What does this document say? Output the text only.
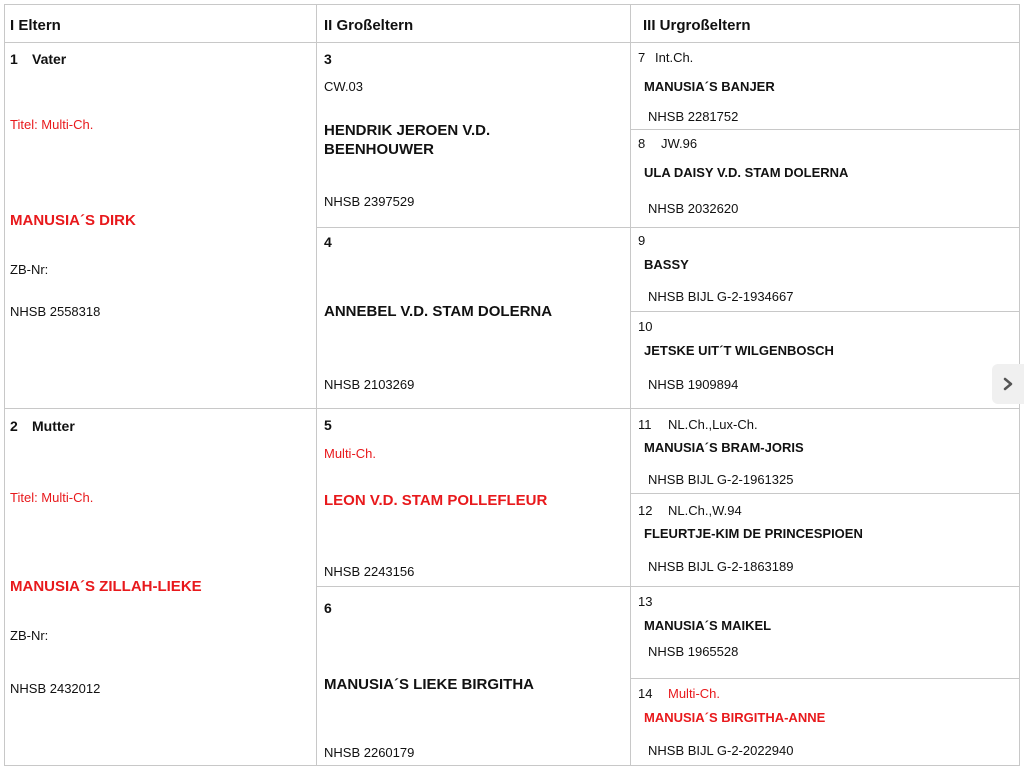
I Eltern	II Großeltern	III Urgroßeltern
1 Vater
Titel: Multi-Ch.
MANUSIA´S DIRK
ZB-Nr:
NHSB 2558318
2 Mutter
Titel: Multi-Ch.
MANUSIA´S ZILLAH-LIEKE
ZB-Nr:
NHSB 2432012
3
CW.03
HENDRIK JEROEN V.D. BEENHOUWER
NHSB 2397529
4
ANNEBEL V.D. STAM DOLERNA
NHSB 2103269
5
Multi-Ch.
LEON V.D. STAM POLLEFLEUR
NHSB 2243156
6
MANUSIA´S LIEKE BIRGITHA
NHSB 2260179
7 Int.Ch.
MANUSIA´S BANJER
NHSB 2281752
8 JW.96
ULA DAISY V.D. STAM DOLERNA
NHSB 2032620
9
BASSY
NHSB BIJL G-2-1934667
10
JETSKE UIT´T WILGENBOSCH
NHSB 1909894
11 NL.Ch.,Lux-Ch.
MANUSIA´S BRAM-JORIS
NHSB BIJL G-2-1961325
12 NL.Ch.,W.94
FLEURTJE-KIM DE PRINCESPIOEN
NHSB BIJL G-2-1863189
13
MANUSIA´S MAIKEL
NHSB 1965528
14 Multi-Ch.
MANUSIA´S BIRGITHA-ANNE
NHSB BIJL G-2-2022940
